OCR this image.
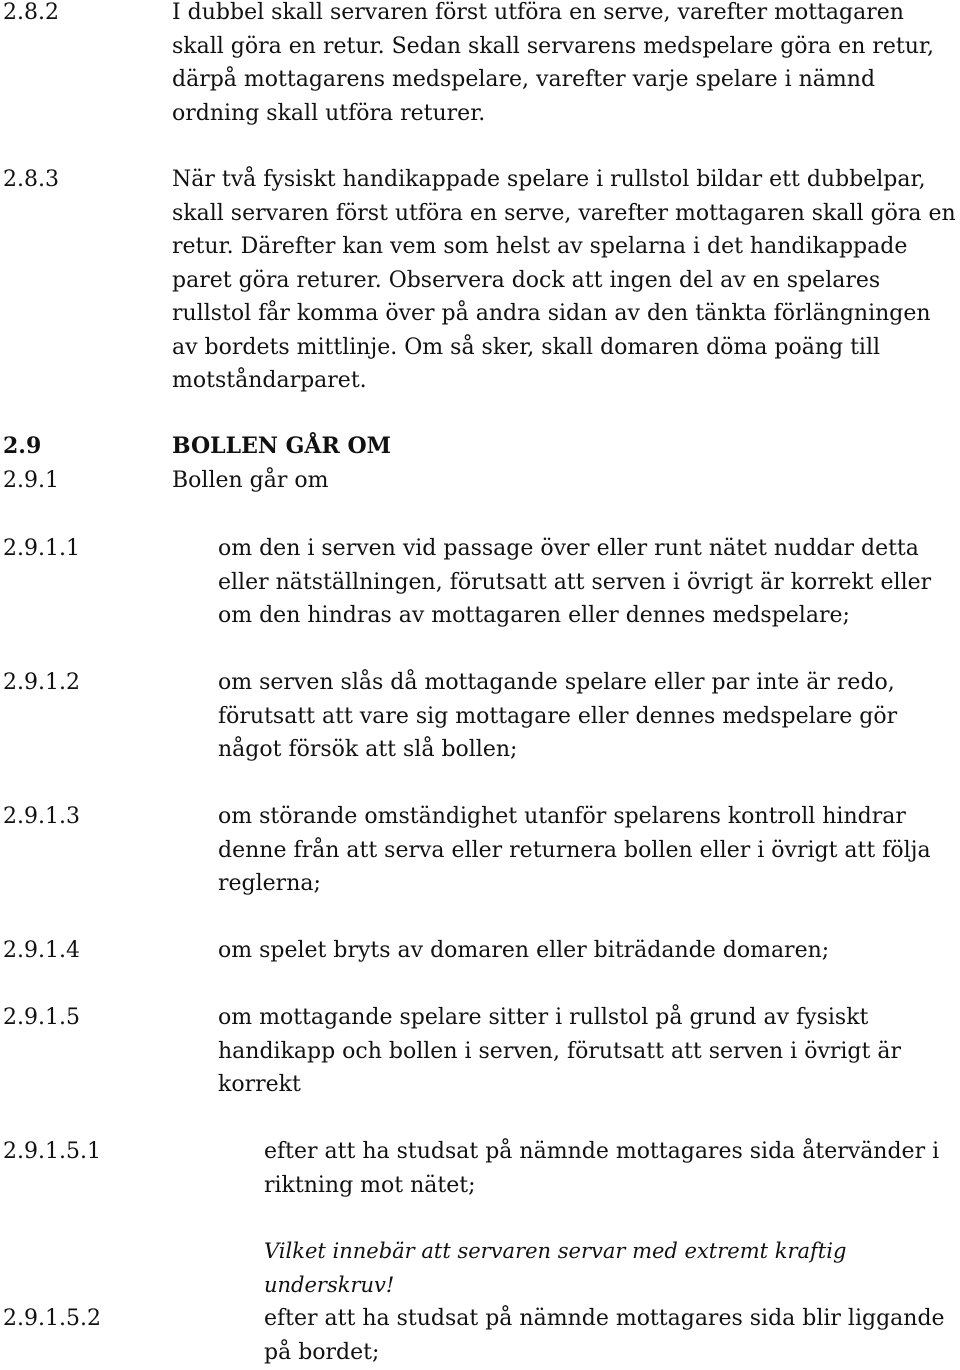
2.8.2	I dubbel skall servaren först utföra en serve, varefter mottagaren skall göra en retur. Sedan skall servarens medspelare göra en retur, därpå mottagarens medspelare, varefter varje spelare i nämnd ordning skall utföra returer.
2.8.3	När två fysiskt handikappade spelare i rullstol bildar ett dubbelpar, skall servaren först utföra en serve, varefter mottagaren skall göra en retur. Därefter kan vem som helst av spelarna i det handikappade paret göra returer. Observera dock att ingen del av en spelares rullstol får komma över på andra sidan av den tänkta förlängningen av bordets mittlinje. Om så sker, skall domaren döma poäng till motståndarparet.
2.9	BOLLEN GÅR OM
2.9.1	Bollen går om
2.9.1.1	om den i serven vid passage över eller runt nätet nuddar detta eller nätställningen, förutsatt att serven i övrigt är korrekt eller om den hindras av mottagaren eller dennes medspelare;
2.9.1.2	om serven slås då mottagande spelare eller par inte är redo, förutsatt att vare sig mottagare eller dennes medspelare gör något försök att slå bollen;
2.9.1.3	om störande omständighet utanför spelarens kontroll hindrar denne från att serva eller returnera bollen eller i övrigt att följa reglerna;
2.9.1.4	om spelet bryts av domaren eller biträdande domaren;
2.9.1.5	om mottagande spelare sitter i rullstol på grund av fysiskt handikapp och bollen i serven, förutsatt att serven i övrigt är korrekt
2.9.1.5.1	efter att ha studsat på nämnde mottagares sida återvänder i riktning mot nätet;
Vilket innebär att servaren servar med extremt kraftig underskruv!
2.9.1.5.2	efter att ha studsat på nämnde mottagares sida blir liggande på bordet;
